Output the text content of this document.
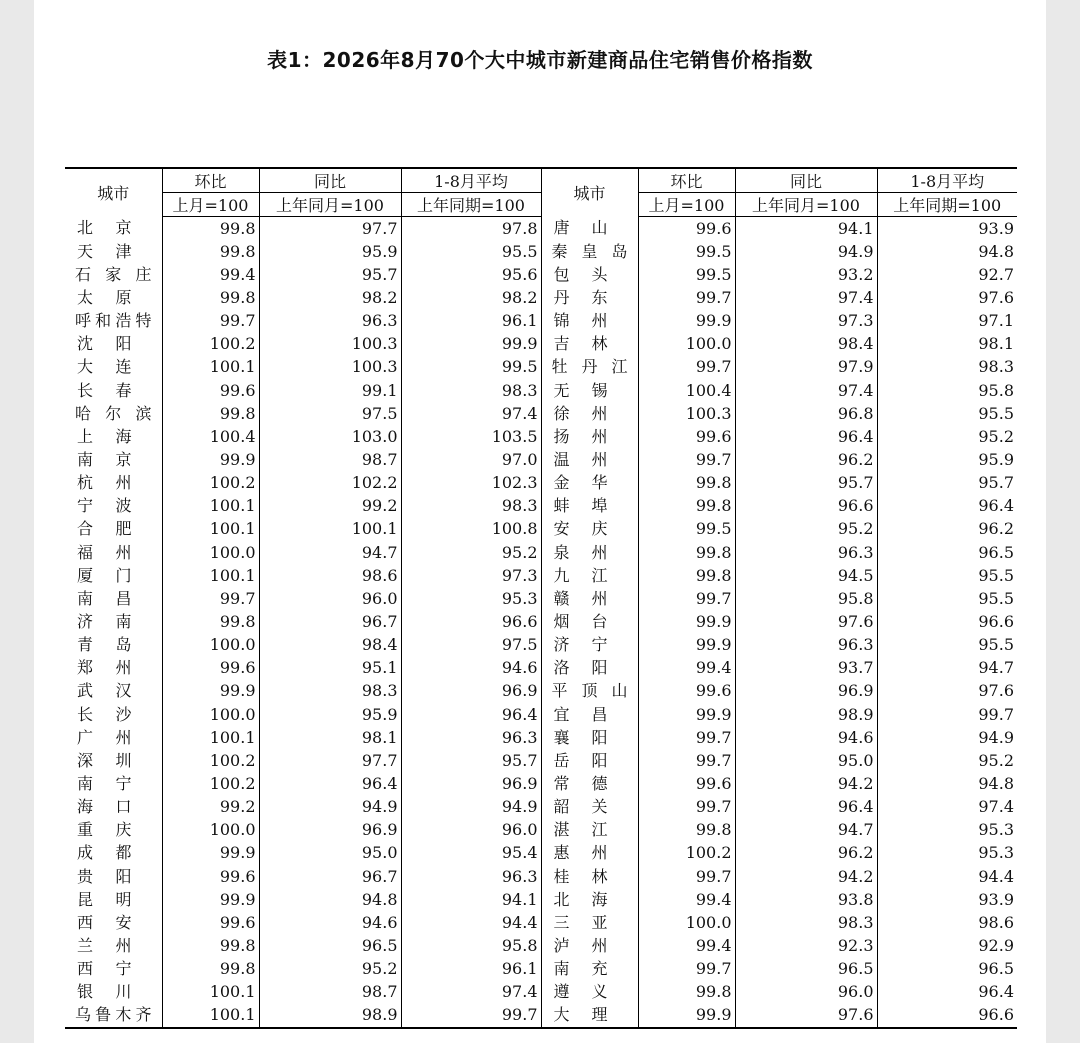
表1：2026年8月70个大中城市新建商品住宅销售价格指数
城市	环比	同比	1-8月平均	城市	环比	同比	1-8月平均
	上月=100	上年同月=100	上年同期=100		上月=100	上年同月=100	上年同期=100
北京	99.8	97.7	97.8	唐山	99.6	94.1	93.9
天津	99.8	95.9	95.5	秦皇岛	99.5	94.9	94.8
石家庄	99.4	95.7	95.6	包头	99.5	93.2	92.7
太原	99.8	98.2	98.2	丹东	99.7	97.4	97.6
呼和浩特	99.7	96.3	96.1	锦州	99.9	97.3	97.1
沈阳	100.2	100.3	99.9	吉林	100.0	98.4	98.1
大连	100.1	100.3	99.5	牡丹江	99.7	97.9	98.3
长春	99.6	99.1	98.3	无锡	100.4	97.4	95.8
哈尔滨	99.8	97.5	97.4	徐州	100.3	96.8	95.5
上海	100.4	103.0	103.5	扬州	99.6	96.4	95.2
南京	99.9	98.7	97.0	温州	99.7	96.2	95.9
杭州	100.2	102.2	102.3	金华	99.8	95.7	95.7
宁波	100.1	99.2	98.3	蚌埠	99.8	96.6	96.4
合肥	100.1	100.1	100.8	安庆	99.5	95.2	96.2
福州	100.0	94.7	95.2	泉州	99.8	96.3	96.5
厦门	100.1	98.6	97.3	九江	99.8	94.5	95.5
南昌	99.7	96.0	95.3	赣州	99.7	95.8	95.5
济南	99.8	96.7	96.6	烟台	99.9	97.6	96.6
青岛	100.0	98.4	97.5	济宁	99.9	96.3	95.5
郑州	99.6	95.1	94.6	洛阳	99.4	93.7	94.7
武汉	99.9	98.3	96.9	平顶山	99.6	96.9	97.6
长沙	100.0	95.9	96.4	宜昌	99.9	98.9	99.7
广州	100.1	98.1	96.3	襄阳	99.7	94.6	94.9
深圳	100.2	97.7	95.7	岳阳	99.7	95.0	95.2
南宁	100.2	96.4	96.9	常德	99.6	94.2	94.8
海口	99.2	94.9	94.9	韶关	99.7	96.4	97.4
重庆	100.0	96.9	96.0	湛江	99.8	94.7	95.3
成都	99.9	95.0	95.4	惠州	100.2	96.2	95.3
贵阳	99.6	96.7	96.3	桂林	99.7	94.2	94.4
昆明	99.9	94.8	94.1	北海	99.4	93.8	93.9
西安	99.6	94.6	94.4	三亚	100.0	98.3	98.6
兰州	99.8	96.5	95.8	泸州	99.4	92.3	92.9
西宁	99.8	95.2	96.1	南充	99.7	96.5	96.5
银川	100.1	98.7	97.4	遵义	99.8	96.0	96.4
乌鲁木齐	100.1	98.9	99.7	大理	99.9	97.6	96.6
